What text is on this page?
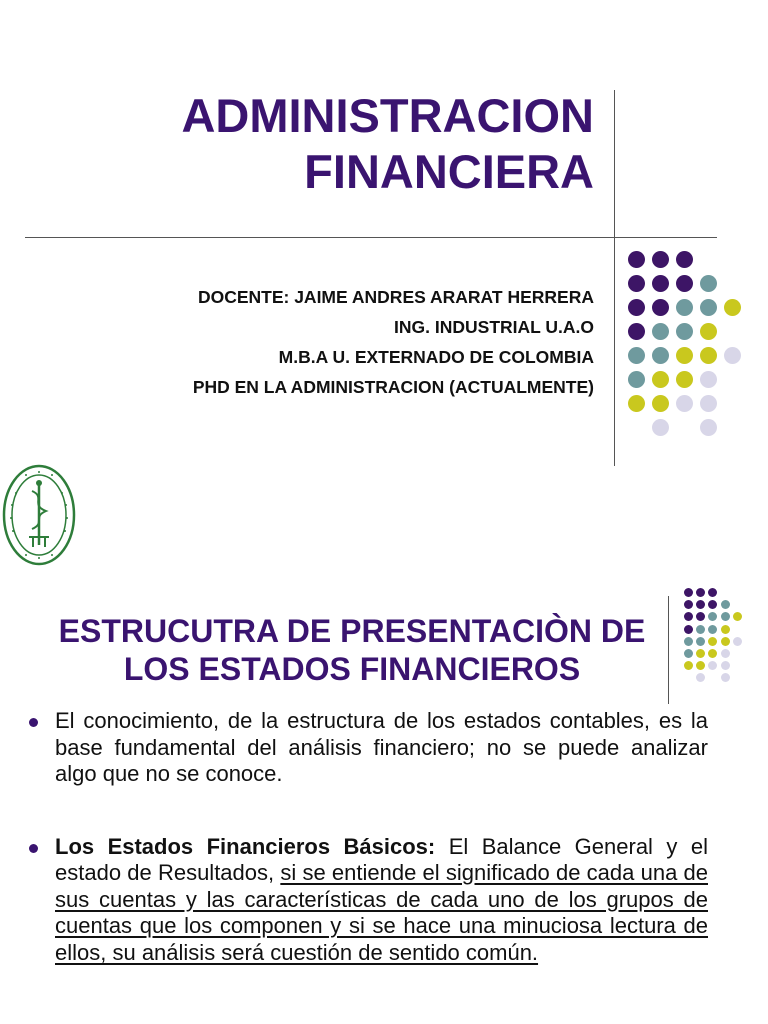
ADMINISTRACION
FINANCIERA
DOCENTE: JAIME ANDRES ARARAT HERRERA
ING. INDUSTRIAL U.A.O
M.B.A U. EXTERNADO DE COLOMBIA
PHD EN LA ADMINISTRACION (ACTUALMENTE)
ESTRUCUTRA DE PRESENTACIÒN DE
LOS ESTADOS FINANCIEROS
El conocimiento, de la estructura de los estados contables, es la base fundamental del análisis financiero; no se puede analizar algo que no se conoce.
Los Estados Financieros Básicos: El Balance General y el estado de Resultados, si se entiende el significado de cada una de sus cuentas y las características de cada uno de los grupos de cuentas que los componen y si se hace una minuciosa lectura de ellos, su análisis será cuestión de sentido común.
